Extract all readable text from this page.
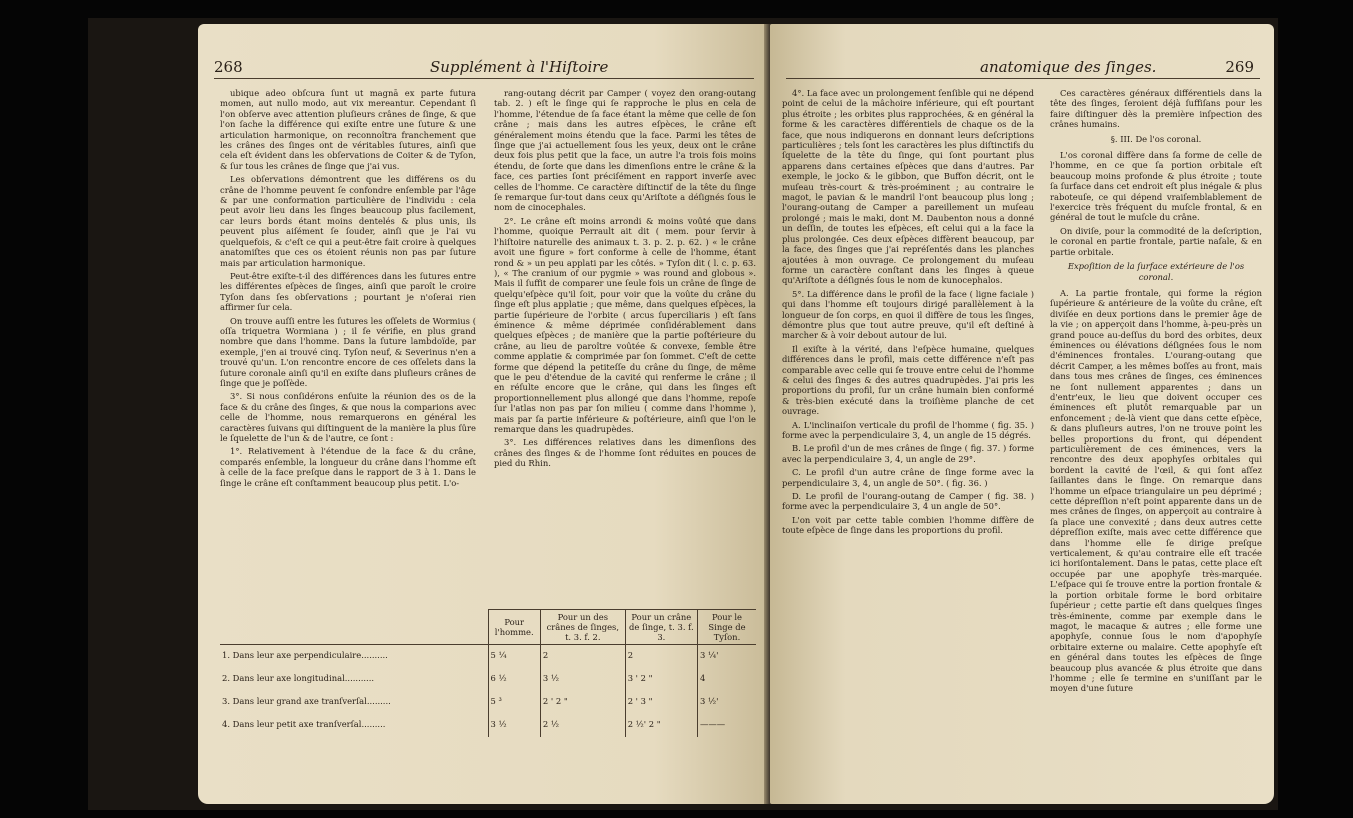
268	Supplément à l'Hiſtoire

ubique adeo obſcura ſunt ut magnā ex parte futura momen, aut nullo modo, aut vix mereantur. Cependant ſi l'on obſerve avec attention pluſieurs crânes de ſinge, & que l'on ſache la différence qui exiſte entre une ſuture & une articulation harmonique, on reconnoîtra franchement que les crânes des ſinges ont de véritables ſutures, ainſi que cela eſt évident dans les obſervations de Coiter & de Tyſon, & ſur tous les crânes de ſinge que j'ai vus.

Les obſervations démontrent que les différens os du crâne de l'homme peuvent ſe confondre enſemble par l'âge & par une conformation particulière de l'individu : cela peut avoir lieu dans les ſinges beaucoup plus facilement, car leurs bords étant moins dentelés & plus unis, ils peuvent plus aiſément ſe ſouder, ainſi que je l'ai vu quelquefois, & c'eſt ce qui a peut-être fait croire à quelques anatomiſtes que ces os étoient réunis non pas par ſuture mais par articulation harmonique.

Peut-être exiſte-t-il des différences dans les ſutures entre les différentes eſpèces de ſinges, ainſi que paroît le croire Tyſon dans ſes obſervations ; pourtant je n'oſerai rien affirmer ſur cela.

On trouve auſſi entre les ſutures les oſſelets de Wormius ( oſſa triquetra Wormiana ) ; il ſe vérifie, en plus grand nombre que dans l'homme. Dans la ſuture lambdoïde, par exemple, j'en ai trouvé cinq. Tyſon neuf, & Severinus n'en a trouvé qu'un. L'on rencontre encore de ces oſſelets dans la ſuture coronale ainſi qu'il en exiſte dans pluſieurs crânes de ſinge que je poſſède.

3°. Si nous conſidérons enſuite la réunion des os de la face & du crâne des ſinges, & que nous la comparions avec celle de l'homme, nous remarquerons en général les caractères ſuivans qui diſtinguent de la manière la plus ſûre le ſquelette de l'un & de l'autre, ce ſont :

1°. Relativement à l'étendue de la face & du crâne, comparés enſemble, la longueur du crâne dans l'homme eſt à celle de la face preſque dans le rapport de 3 à 1. Dans le ſinge le crâne eſt conſtamment beaucoup plus petit. L'o-

rang-outang décrit par Camper ( voyez den orang-outang tab. 2. ) eſt le ſinge qui ſe rapproche le plus en cela de l'homme, l'étendue de ſa face étant la même que celle de ſon crâne ; mais dans les autres eſpèces, le crâne eſt généralement moins étendu que la face. Parmi les têtes de ſinge que j'ai actuellement ſous les yeux, deux ont le crâne deux fois plus petit que la face, un autre l'a trois fois moins étendu, de ſorte que dans les dimenſions entre le crâne & la face, ces parties ſont préciſément en rapport inverſe avec celles de l'homme. Ce caractère diſtinctif de la tête du ſinge ſe remarque ſur-tout dans ceux qu'Ariſtote a déſignés ſous le nom de cinocephales.

2°. Le crâne eſt moins arrondi & moins voûté que dans l'homme, quoique Perrault ait dit ( mem. pour ſervir à l'hiſtoire naturelle des animaux t. 3. p. 2. p. 62. ) « le crâne avoit une figure » fort conforme à celle de l'homme, étant rond & » un peu applati par les côtés. » Tyſon dit ( l. c. p. 63. ), « The cranium of our pygmie » was round and globous ». Mais il ſuffit de comparer une ſeule fois un crâne de ſinge de quelqu'eſpèce qu'il ſoit, pour voir que la voûte du crâne du ſinge eſt plus applatie ; que même, dans quelques eſpèces, la partie ſupérieure de l'orbite ( arcus ſuperciliaris ) eſt ſans éminence & même déprimée conſidérablement dans quelques eſpèces ; de manière que la partie poſtérieure du crâne, au lieu de paroître voûtée & convexe, ſemble être comme applatie & comprimée par ſon ſommet. C'eſt de cette forme que dépend la petiteſſe du crâne du ſinge, de même que le peu d'étendue de la cavité qui renferme le crâne ; il en réſulte encore que le crâne, qui dans les ſinges eſt proportionnellement plus allongé que dans l'homme, repoſe ſur l'atlas non pas par ſon milieu ( comme dans l'homme ), mais par ſa partie inférieure & poſtérieure, ainſi que l'on le remarque dans les quadrupèdes.

3°. Les différences relatives dans les dimenſions des crânes des ſinges & de l'homme ſont réduites en pouces de pied du Rhin.

	Pour l'homme.	Pour un des crânes de ſinges, t. 3. f. 2.	Pour un crâne de ſinge, t. 3. f. 3.	Pour le Singe de Tyſon.
1. Dans leur axe perpendiculaire..........	5 ¼	2	2	3 ¼'
2. Dans leur axe longitudinal...........	6 ½	3 ½	3 ' 2 "	4
3. Dans leur grand axe tranſverſal.........	5 ³	2 ' 2 "	2 ' 3 "	3 ½'
4. Dans leur petit axe tranſverſal.........	3 ½	2 ½	2 ½' 2 "	———
anatomique des ſinges.	269

4°. La face avec un prolongement ſenſible qui ne dépend point de celui de la mâchoire inférieure, qui eſt pourtant plus étroite ; les orbites plus rapprochées, & en général la forme & les caractères différentiels de chaque os de la face, que nous indiquerons en donnant leurs deſcriptions particulières ; tels ſont les caractères les plus diſtinctifs du ſquelette de la tête du ſinge, qui ſont pourtant plus apparens dans certaines eſpèces que dans d'autres. Par exemple, le jocko & le gibbon, que Buffon décrit, ont le muſeau très-court & très-proéminent ; au contraire le magot, le pavian & le mandril l'ont beaucoup plus long ; l'ourang-outang de Camper a pareillement un muſeau prolongé ; mais le maki, dont M. Daubenton nous a donné un deſſin, de toutes les eſpèces, eſt celui qui a la face la plus prolongée. Ces deux eſpèces diffèrent beaucoup, par la face, des ſinges que j'ai repréſentés dans les planches ajoutées à mon ouvrage. Ce prolongement du muſeau forme un caractère conſtant dans les ſinges à queue qu'Ariſtote a déſignés ſous le nom de kunocephalos.

5°. La différence dans le profil de la face ( ligne faciale ) qui dans l'homme eſt toujours dirigé parallèlement à la longueur de ſon corps, en quoi il diffère de tous les ſinges, démontre plus que tout autre preuve, qu'il eſt deſtiné à marcher & à voir debout autour de lui.

Il exiſte à la vérité, dans l'eſpèce humaine, quelques différences dans le profil, mais cette différence n'eſt pas comparable avec celle qui ſe trouve entre celui de l'homme & celui des ſinges & des autres quadrupèdes. J'ai pris les proportions du profil, ſur un crâne humain bien conformé & très-bien exécuté dans la troiſième planche de cet ouvrage.

A. L'inclinaiſon verticale du profil de l'homme ( fig. 35. ) forme avec la perpendiculaire 3, 4, un angle de 15 dégrés.

B. Le profil d'un de mes crânes de ſinge ( fig. 37. ) forme avec la perpendiculaire 3, 4, un angle de 29°.

C. Le profil d'un autre crâne de ſinge forme avec la perpendiculaire 3, 4, un angle de 50°. ( fig. 36. )

D. Le profil de l'ourang-outang de Camper ( fig. 38. ) forme avec la perpendiculaire 3, 4 un angle de 50°.

L'on voit par cette table combien l'homme diffère de toute eſpèce de ſinge dans les proportions du profil.

Ces caractères généraux différentiels dans la tête des ſinges, ſeroient déjà ſuffiſans pour les faire diſtinguer dès la première inſpection des crânes humains.

§. III. De l'os coronal.

L'os coronal diffère dans ſa forme de celle de l'homme, en ce que ſa portion orbitale eſt beaucoup moins profonde & plus étroite ; toute ſa ſurface dans cet endroit eſt plus inégale & plus raboteuſe, ce qui dépend vraiſemblablement de l'exercice très fréquent du muſcle frontal, & en général de tout le muſcle du crâne.

On diviſe, pour la commodité de la deſcription, le coronal en partie frontale, partie naſale, & en partie orbitale.

Expoſition de la ſurface extérieure de l'os coronal.

A. La partie frontale, qui forme la région ſupérieure & antérieure de la voûte du crâne, eſt diviſée en deux portions dans le premier âge de la vie ; on apperçoit dans l'homme, à-peu-près un grand pouce au-deſſus du bord des orbites, deux éminences ou élévations déſignées ſous le nom d'éminences frontales. L'ourang-outang que décrit Camper, a les mêmes boſſes au front, mais dans tous mes crânes de ſinges, ces éminences ne ſont nullement apparentes ; dans un d'entr'eux, le lieu que doivent occuper ces éminences eſt plutôt remarquable par un enfoncement ; de-là vient que dans cette eſpèce, & dans pluſieurs autres, l'on ne trouve point les belles proportions du front, qui dépendent particulièrement de ces éminences, vers la rencontre des deux apophyſes orbitales qui bordent la cavité de l'œil, & qui ſont aſſez ſaillantes dans le ſinge. On remarque dans l'homme un eſpace triangulaire un peu déprimé ; cette dépreſſion n'eſt point apparente dans un de mes crânes de ſinges, on apperçoit au contraire à ſa place une convexité ; dans deux autres cette dépreſſion exiſte, mais avec cette différence que dans l'homme elle ſe dirige preſque verticalement, & qu'au contraire elle eſt tracée ici horiſontalement. Dans le patas, cette place eſt occupée par une apophyſe très-marquée. L'eſpace qui ſe trouve entre la portion frontale & la portion orbitale forme le bord orbitaire ſupérieur ; cette partie eſt dans quelques ſinges très-éminente, comme par exemple dans le magot, le macaque & autres ; elle forme une apophyſe, connue ſous le nom d'apophyſe orbitaire externe ou malaire. Cette apophyſe eſt en général dans toutes les eſpèces de ſinge beaucoup plus avancée & plus étroite que dans l'homme ; elle ſe termine en s'uniſſant par le moyen d'une ſuture
